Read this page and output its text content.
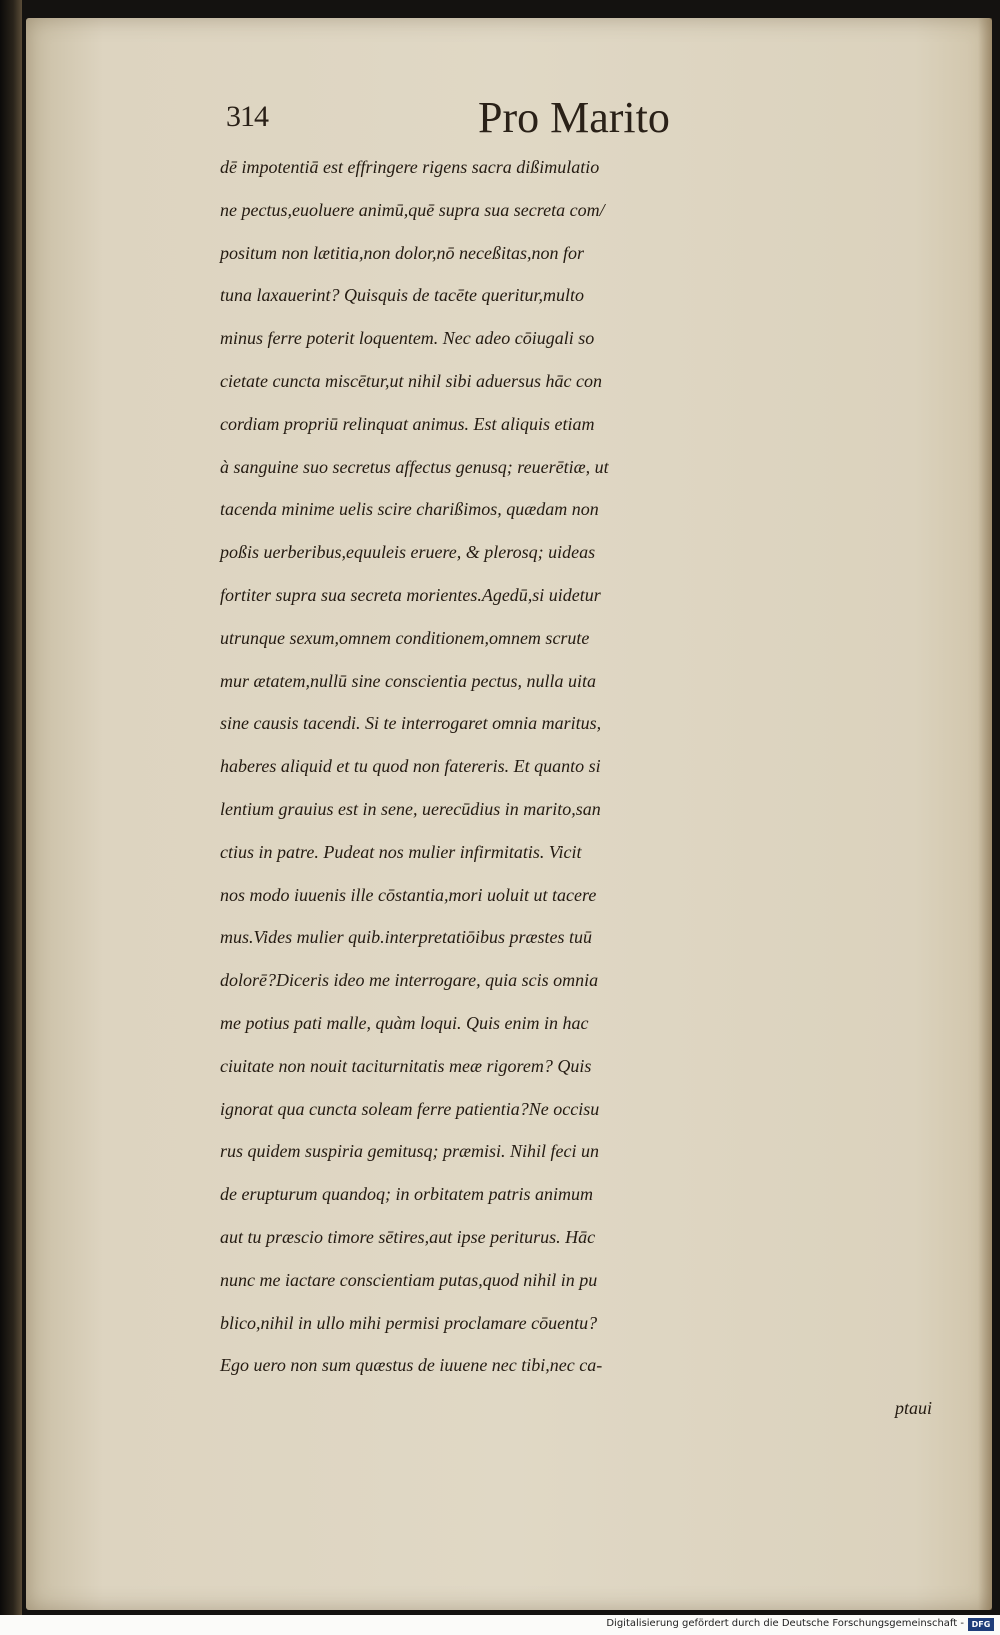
314	Pro Marito
dē impotentiā est effringere rigens sacra dißimulatio
ne pectus,euoluere animū,quē supra sua secreta com/
positum non lætitia,non dolor,nō neceßitas,non for
tuna laxauerint? Quisquis de tacēte queritur,multo
minus ferre poterit loquentem. Nec adeo cōiugali so
cietate cuncta miscētur,ut nihil sibi aduersus hāc con
cordiam propriū relinquat animus. Est aliquis etiam
à sanguine suo secretus affectus genusq; reuerētiæ, ut
tacenda minime uelis scire charißimos, quædam non
poßis uerberibus,equuleis eruere, & plerosq; uideas
fortiter supra sua secreta morientes.Agedū,si uidetur
utrunque sexum,omnem conditionem,omnem scrute
mur ætatem,nullū sine conscientia pectus, nulla uita
sine causis tacendi. Si te interrogaret omnia maritus,
haberes aliquid et tu quod non fatereris. Et quanto si
lentium grauius est in sene, uerecūdius in marito,san
ctius in patre. Pudeat nos mulier infirmitatis. Vicit
nos modo iuuenis ille cōstantia,mori uoluit ut tacere
mus.Vides mulier quib.interpretatiōibus præstes tuū
dolorē?Diceris ideo me interrogare, quia scis omnia
me potius pati malle, quàm loqui. Quis enim in hac
ciuitate non nouit taciturnitatis meæ rigorem? Quis
ignorat qua cuncta soleam ferre patientia?Ne occisu
rus quidem suspiria gemitusq; præmisi. Nihil feci un
de erupturum quandoq; in orbitatem patris animum
aut tu præscio timore sētires,aut ipse periturus. Hāc
nunc me iactare conscientiam putas,quod nihil in pu
blico,nihil in ullo mihi permisi proclamare cōuentu?
Ego uero non sum quæstus de iuuene nec tibi,nec ca-
ptaui
Digitalisierung gefördert durch die Deutsche Forschungsgemeinschaft - DFG
